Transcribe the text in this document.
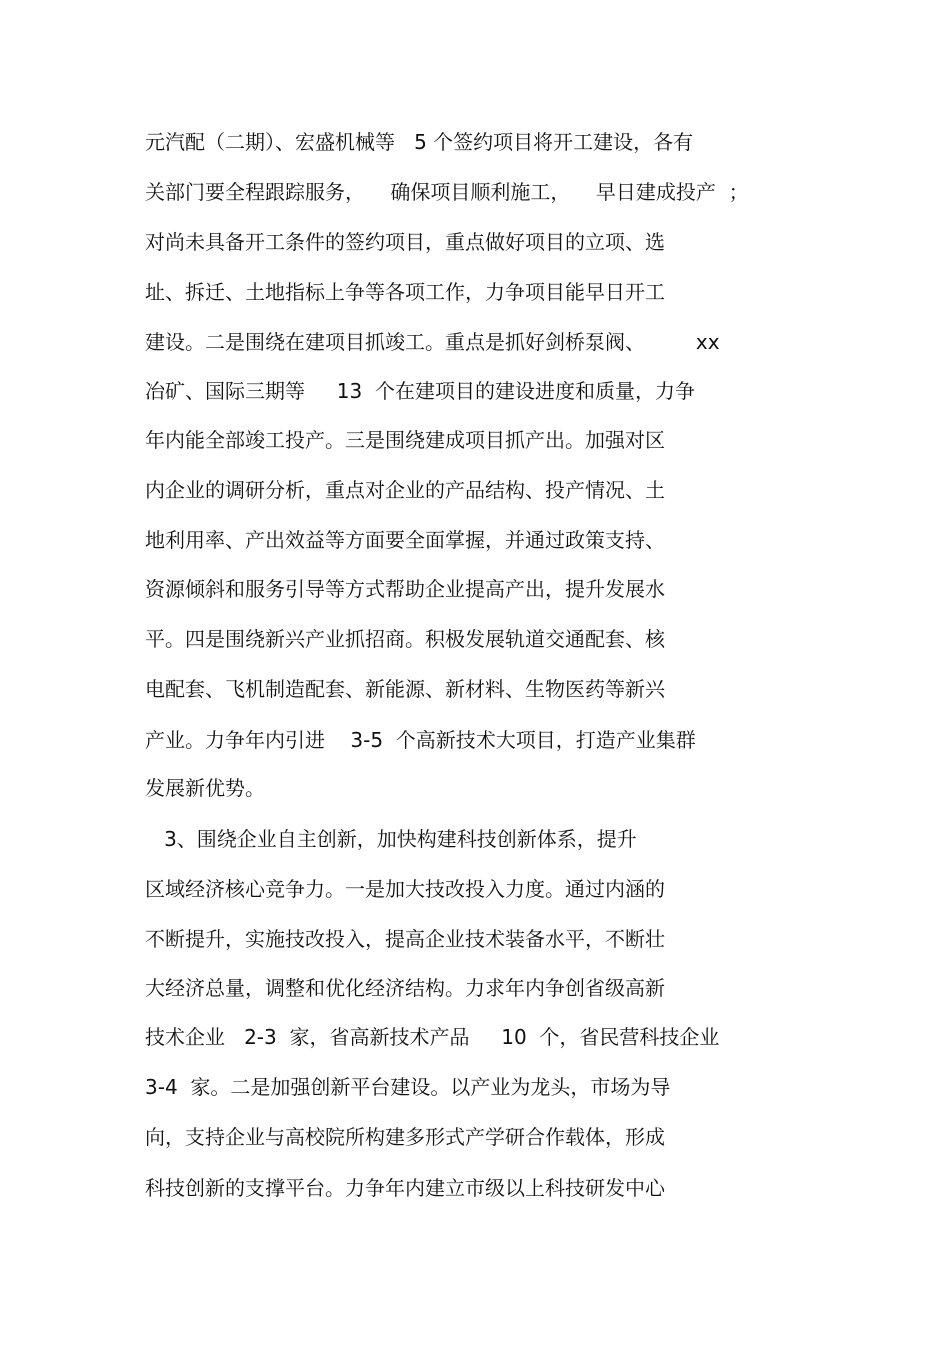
元汽配（二期）、宏盛机械等   5 个签约项目将开工建设，各有
关部门要全程跟踪服务，    确保项目顺利施工，    早日建成投产  ；
对尚未具备开工条件的签约项目，重点做好项目的立项、选
址、拆迁、土地指标上争等各项工作，力争项目能早日开工
建设。二是围绕在建项目抓竣工。重点是抓好剑桥泵阀、        xx
冶矿、国际三期等     13  个在建项目的建设进度和质量，力争
年内能全部竣工投产。三是围绕建成项目抓产出。加强对区
内企业的调研分析，重点对企业的产品结构、投产情况、土
地利用率、产出效益等方面要全面掌握，并通过政策支持、
资源倾斜和服务引导等方式帮助企业提高产出，提升发展水
平。四是围绕新兴产业抓招商。积极发展轨道交通配套、核
电配套、飞机制造配套、新能源、新材料、生物医药等新兴
产业。力争年内引进    3-5  个高新技术大项目，打造产业集群
发展新优势。
3、围绕企业自主创新，加快构建科技创新体系，提升
区域经济核心竞争力。一是加大技改投入力度。通过内涵的
不断提升，实施技改投入，提高企业技术装备水平，不断壮
大经济总量，调整和优化经济结构。力求年内争创省级高新
技术企业   2-3  家，省高新技术产品     10  个，省民营科技企业
3-4  家。二是加强创新平台建设。以产业为龙头，市场为导
向，支持企业与高校院所构建多形式产学研合作载体，形成
科技创新的支撑平台。力争年内建立市级以上科技研发中心
